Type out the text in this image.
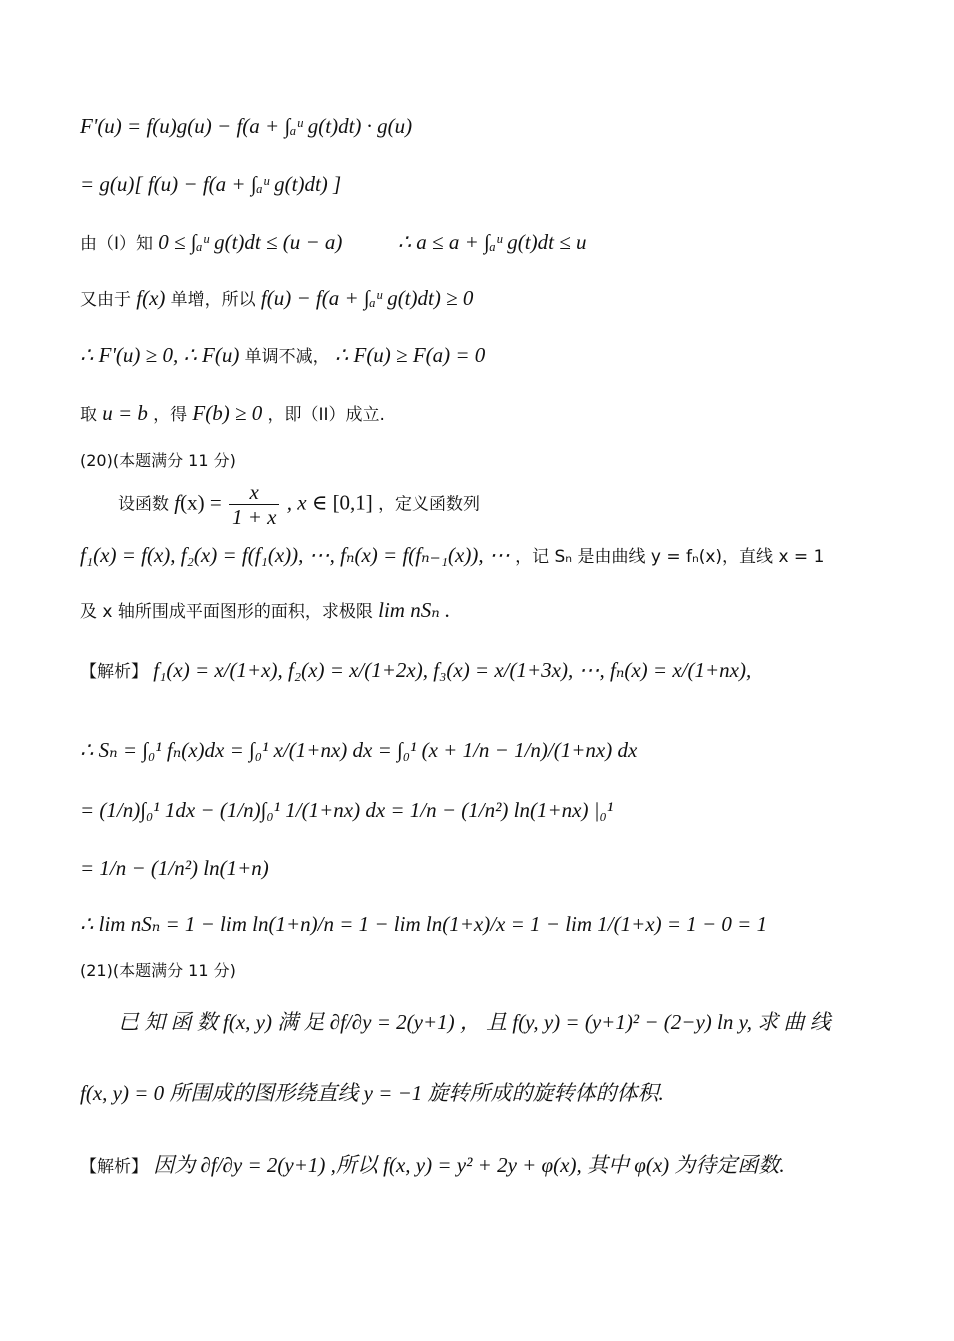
F'(u) = f(u)g(u) − f(a + ∫ₐᵘ g(t)dt) · g(u)
= g(u)[ f(u) − f(a + ∫ₐᵘ g(t)dt) ]
由（I）知 0 ≤ ∫ₐᵘ g(t)dt ≤ (u − a)	∴ a ≤ a + ∫ₐᵘ g(t)dt ≤ u
又由于 f(x) 单增，所以 f(u) − f(a + ∫ₐᵘ g(t)dt) ≥ 0
∴ F'(u) ≥ 0, ∴ F(u) 单调不减， ∴ F(u) ≥ F(a) = 0
取 u = b ，得 F(b) ≥ 0 ，即（II）成立.
(20)(本题满分 11 分)
设函数 $f(x) = \frac{x}{1 + x}$ , x ∈ [0,1] ，定义函数列
f₁(x) = f(x), f₂(x) = f(f₁(x)), ⋯, fₙ(x) = f(fₙ₋₁(x)), ⋯ ，记 Sₙ 是由曲线 y = fₙ(x)，直线 x = 1
及 x 轴所围成平面图形的面积，求极限 lim nSₙ .
【解析】 f₁(x) = x/(1+x), f₂(x) = x/(1+2x), f₃(x) = x/(1+3x), ⋯, fₙ(x) = x/(1+nx),
∴ Sₙ = ∫₀¹ fₙ(x)dx = ∫₀¹ x/(1+nx) dx = ∫₀¹ (x + 1/n − 1/n)/(1+nx) dx
= (1/n)∫₀¹ 1dx − (1/n)∫₀¹ 1/(1+nx) dx = 1/n − (1/n²) ln(1+nx) |₀¹
= 1/n − (1/n²) ln(1+n)
∴ lim nSₙ = 1 − lim ln(1+n)/n = 1 − lim ln(1+x)/x = 1 − lim 1/(1+x) = 1 − 0 = 1
(21)(本题满分 11 分)
已 知 函 数 f(x, y) 满 足 ∂f/∂y = 2(y+1) ， 且 f(y, y) = (y+1)² − (2−y) ln y, 求 曲 线
f(x, y) = 0 所围成的图形绕直线 y = −1 旋转所成的旋转体的体积.
【解析】 因为 ∂f/∂y = 2(y+1) ,所以 f(x, y) = y² + 2y + φ(x), 其中 φ(x) 为待定函数.
